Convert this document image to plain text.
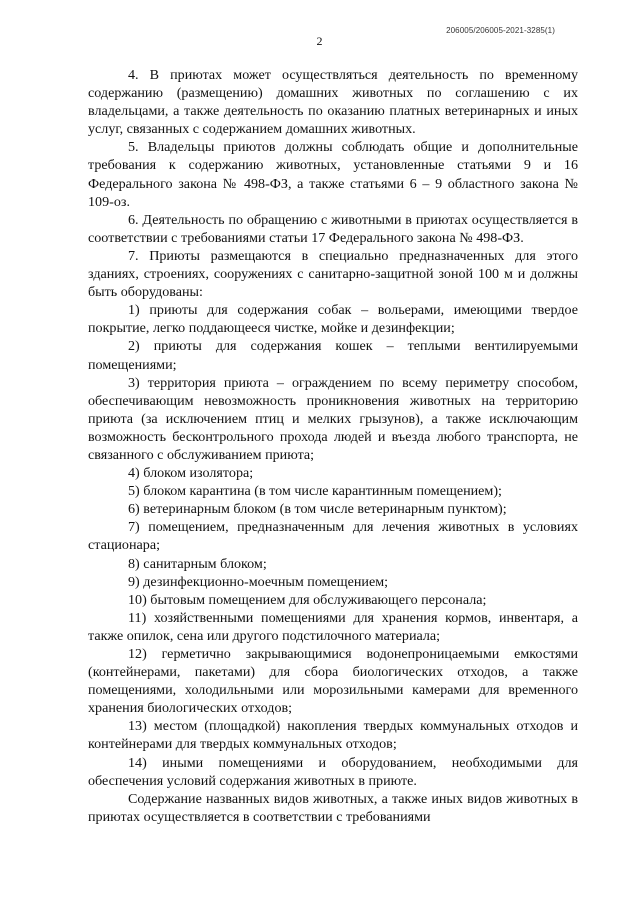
206005/206005-2021-3285(1)
2

4. В приютах может осуществляться деятельность по временному содержанию (размещению) домашних животных по соглашению с их владельцами, а также деятельность по оказанию платных ветеринарных и иных услуг, связанных с содержанием домашних животных.

5. Владельцы приютов должны соблюдать общие и дополнительные требования к содержанию животных, установленные статьями 9 и 16 Федерального закона № 498-ФЗ, а также статьями 6 – 9 областного закона № 109-оз.

6. Деятельность по обращению с животными в приютах осуществляется в соответствии с требованиями статьи 17 Федерального закона № 498-ФЗ.

7. Приюты размещаются в специально предназначенных для этого зданиях, строениях, сооружениях с санитарно-защитной зоной 100 м и должны быть оборудованы:

1) приюты для содержания собак – вольерами, имеющими твердое покрытие, легко поддающееся чистке, мойке и дезинфекции;

2) приюты для содержания кошек – теплыми вентилируемыми помещениями;

3) территория приюта – ограждением по всему периметру способом, обеспечивающим невозможность проникновения животных на территорию приюта (за исключением птиц и мелких грызунов), а также исключающим возможность бесконтрольного прохода людей и въезда любого транспорта, не связанного с обслуживанием приюта;

4) блоком изолятора;

5) блоком карантина (в том числе карантинным помещением);

6) ветеринарным блоком (в том числе ветеринарным пунктом);

7) помещением, предназначенным для лечения животных в условиях стационара;

8) санитарным блоком;

9) дезинфекционно-моечным помещением;

10) бытовым помещением для обслуживающего персонала;

11) хозяйственными помещениями для хранения кормов, инвентаря, а также опилок, сена или другого подстилочного материала;

12) герметично закрывающимися водонепроницаемыми емкостями (контейнерами, пакетами) для сбора биологических отходов, а также помещениями, холодильными или морозильными камерами для временного хранения биологических отходов;

13) местом (площадкой) накопления твердых коммунальных отходов и контейнерами для твердых коммунальных отходов;

14) иными помещениями и оборудованием, необходимыми для обеспечения условий содержания животных в приюте.

Содержание названных видов животных, а также иных видов животных в приютах осуществляется в соответствии с требованиями
